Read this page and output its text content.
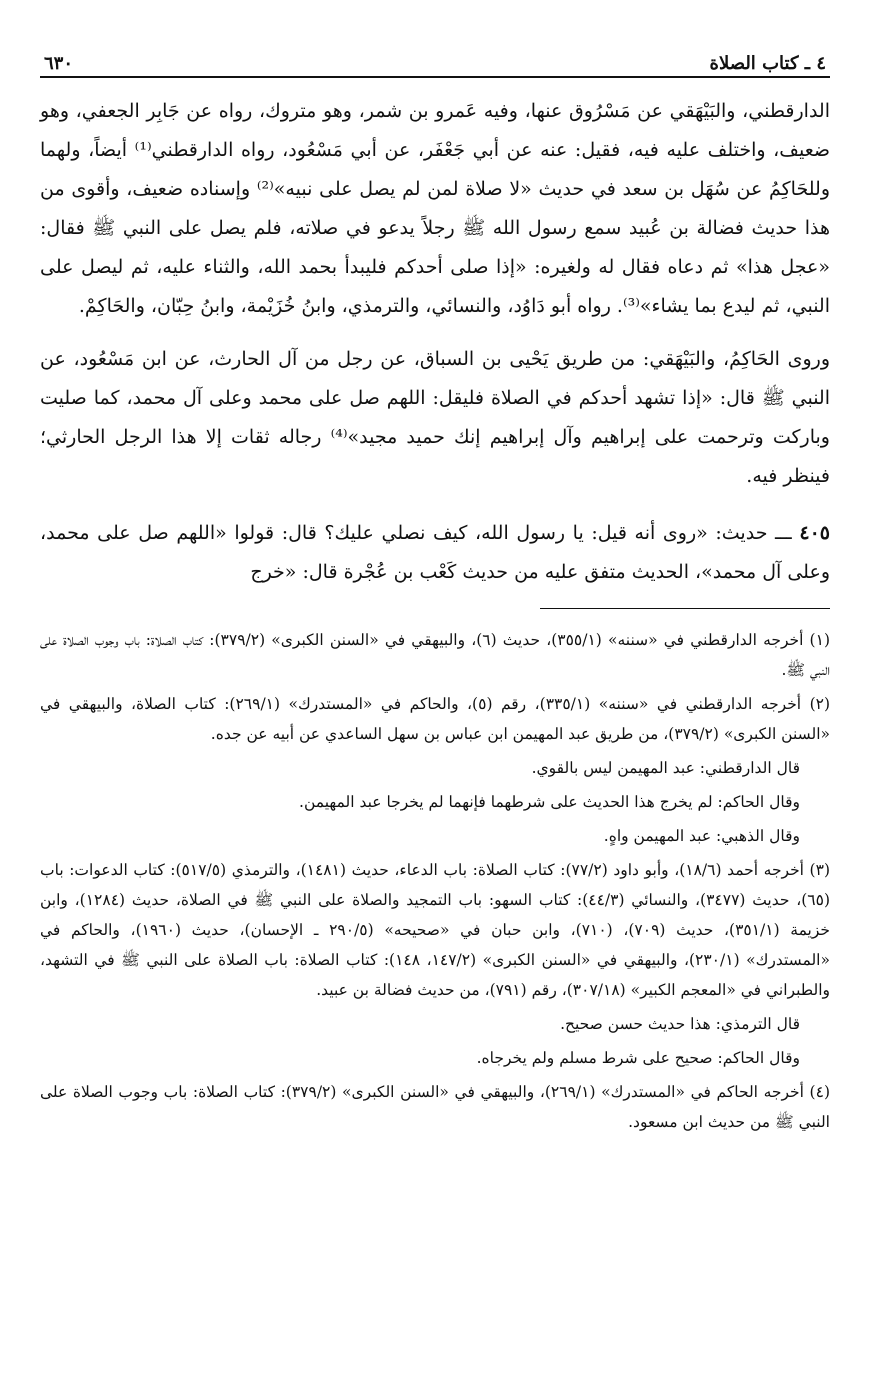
٤ ـ كتاب الصلاة
٦٣٠

الدارقطني، والبَيْهَقي عن مَسْرُوق عنها، وفيه عَمرو بن شمر، وهو متروك، رواه عن جَابِر الجعفي، وهو ضعيف، واختلف عليه فيه، فقيل: عنه عن أبي جَعْفَر، عن أبي مَسْعُود، رواه الدارقطني⁽¹⁾ أيضاً، ولهما وللحَاكِمُ عن سُهَل بن سعد في حديث «لا صلاة لمن لم يصل على نبيه»⁽²⁾ وإسناده ضعيف، وأقوى من هذا حديث فضالة بن عُبيد سمع رسول الله ﷺ رجلاً يدعو في صلاته، فلم يصل على النبي ﷺ فقال: «عجل هذا» ثم دعاه فقال له ولغيره: «إذا صلى أحدكم فليبدأ بحمد الله، والثناء عليه، ثم ليصل على النبي، ثم ليدع بما يشاء»⁽³⁾. رواه أبو دَاوُد، والنسائي، والترمذي، وابنُ خُزَيْمة، وابنُ حِبّان، والحَاكِمْ.

وروى الحَاكِمُ، والبَيْهَقي: من طريق يَحْيى بن السباق، عن رجل من آل الحارث، عن ابن مَسْعُود، عن النبي ﷺ قال: «إذا تشهد أحدكم في الصلاة فليقل: اللهم صل على محمد وعلى آل محمد، كما صليت وباركت وترحمت على إبراهيم وآل إبراهيم إنك حميد مجيد»⁽⁴⁾ رجاله ثقات إلا هذا الرجل الحارثي؛ فينظر فيه.

٤٠٥ ـــ حديث: «روى أنه قيل: يا رسول الله، كيف نصلي عليك؟ قال: قولوا «اللهم صل على محمد، وعلى آل محمد»، الحديث متفق عليه من حديث كَعْب بن عُجْرة قال: «خرج

(١) أخرجه الدارقطني في «سننه» (٣٥٥/١)، حديث (٦)، والبيهقي في «السنن الكبرى» (٣٧٩/٢): كتاب الصلاة: باب وجوب الصلاة على النبي ﷺ.

(٢) أخرجه الدارقطني في «سننه» (٣٣٥/١)، رقم (٥)، والحاكم في «المستدرك» (٢٦٩/١): كتاب الصلاة، والبيهقي في «السنن الكبرى» (٣٧٩/٢)، من طريق عبد المهيمن ابن عباس بن سهل الساعدي عن أبيه عن جده.

قال الدارقطني: عبد المهيمن ليس بالقوي.

وقال الحاكم: لم يخرج هذا الحديث على شرطهما فإنهما لم يخرجا عبد المهيمن.

وقال الذهبي: عبد المهيمن واهٍ.

(٣) أخرجه أحمد (١٨/٦)، وأبو داود (٧٧/٢): كتاب الصلاة: باب الدعاء، حديث (١٤٨١)، والترمذي (٥١٧/٥): كتاب الدعوات: باب (٦٥)، حديث (٣٤٧٧)، والنسائي (٤٤/٣): كتاب السهو: باب التمجيد والصلاة على النبي ﷺ في الصلاة، حديث (١٢٨٤)، وابن خزيمة (٣٥١/١)، حديث (٧٠٩)، (٧١٠)، وابن حبان في «صحيحه» (٢٩٠/٥ ـ الإحسان)، حديث (١٩٦٠)، والحاكم في «المستدرك» (٢٣٠/١)، والبيهقي في «السنن الكبرى» (١٤٧/٢، ١٤٨): كتاب الصلاة: باب الصلاة على النبي ﷺ في التشهد، والطبراني في «المعجم الكبير» (٣٠٧/١٨)، رقم (٧٩١)، من حديث فضالة بن عبيد.

قال الترمذي: هذا حديث حسن صحيح.

وقال الحاكم: صحيح على شرط مسلم ولم يخرجاه.

(٤) أخرجه الحاكم في «المستدرك» (٢٦٩/١)، والبيهقي في «السنن الكبرى» (٣٧٩/٢): كتاب الصلاة: باب وجوب الصلاة على النبي ﷺ من حديث ابن مسعود.
